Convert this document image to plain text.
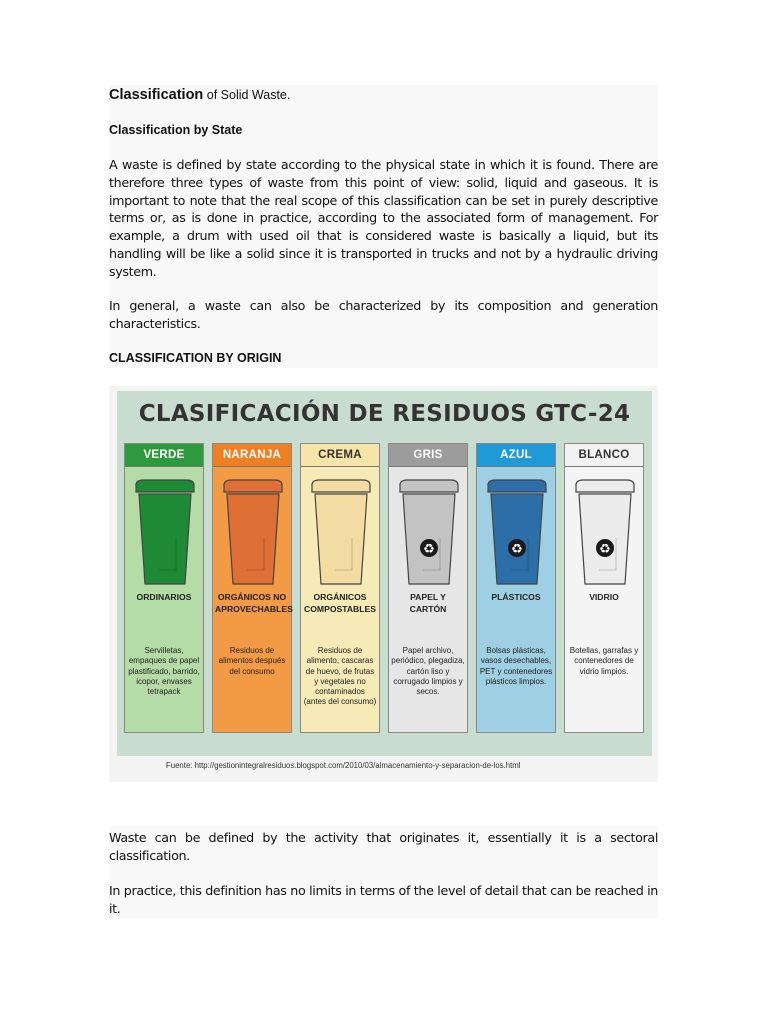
Classification of Solid Waste.
Classification by State
A waste is defined by state according to the physical state in which it is found. There are therefore three types of waste from this point of view: solid, liquid and gaseous. It is important to note that the real scope of this classification can be set in purely descriptive terms or, as is done in practice, according to the associated form of management. For example, a drum with used oil that is considered waste is basically a liquid, but its handling will be like a solid since it is transported in trucks and not by a hydraulic driving system.
In general, a waste can also be characterized by its composition and generation characteristics.
CLASSIFICATION BY ORIGIN
CLASIFICACIÓN DE RESIDUOS GTC-24
VERDE
ORDINARIOS
Servilletas, empaques de papel plastificado, barrido, icopor, envases tetrapack
NARANJA
ORGÁNICOS NO APROVECHABLES
Residuos de alimentos después del consumo
CREMA
ORGÁNICOS COMPOSTABLES
Residuos de alimento, cascaras de huevo, de frutas y vegetales no contaminados (antes del consumo)
GRIS
♻
PAPEL Y CARTÓN
Papel archivo, periódico, plegadiza, cartón liso y corrugado limpios y secos.
AZUL
♻
PLÁSTICOS
Bolsas plásticas, vasos desechables, PET y contenedores plásticos limpios.
BLANCO
♻
VIDRIO
Botellas, garrafas y contenedores de vidrio limpios.
Fuente: http://gestionintegralresiduos.blogspot.com/2010/03/almacenamiento-y-separacion-de-los.html
Waste can be defined by the activity that originates it, essentially it is a sectoral classification.
In practice, this definition has no limits in terms of the level of detail that can be reached in it.
